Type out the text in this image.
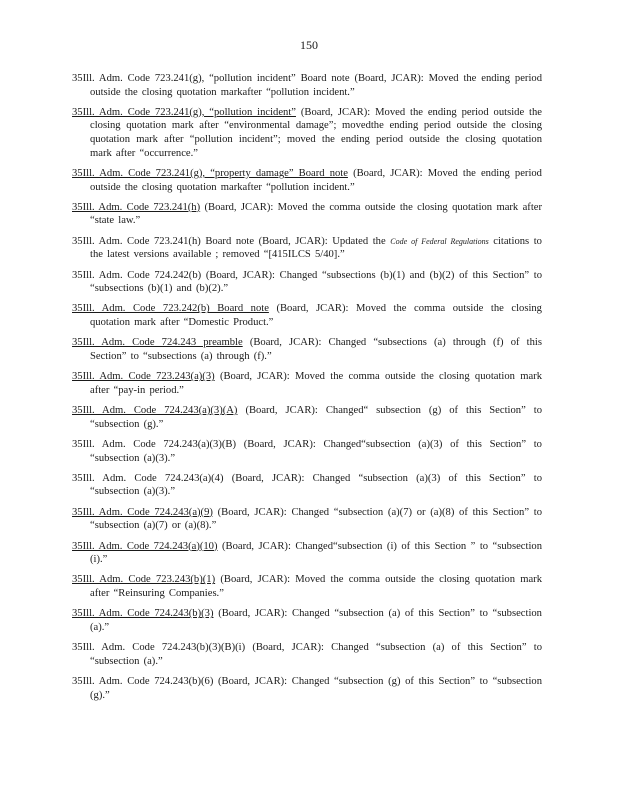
150

35Ill. Adm. Code 723.241(g), “pollution incident” Board note (Board, JCAR): Moved the ending period outside the closing quotation markafter “pollution incident.”

35Ill. Adm. Code 723.241(g), “pollution incident” (Board, JCAR): Moved the ending period outside the closing quotation mark after “environmental damage”; movedthe ending period outside the closing quotation mark after “pollution incident”; moved the ending period outside the closing quotation mark after “occurrence.”

35Ill. Adm. Code 723.241(g), “property damage” Board note (Board, JCAR): Moved the ending period outside the closing quotation markafter “pollution incident.”

35Ill. Adm. Code 723.241(h) (Board, JCAR): Moved the comma outside the closing quotation mark after “state law.”

35Ill. Adm. Code 723.241(h) Board note (Board, JCAR): Updated the Code of Federal Regulations citations to the latest versions available ; removed “[415ILCS 5/40].”

35Ill. Adm. Code 724.242(b) (Board, JCAR): Changed “subsections (b)(1) and (b)(2) of this Section” to “subsections (b)(1) and (b)(2).”

35Ill. Adm. Code 723.242(b) Board note (Board, JCAR): Moved the comma outside the closing quotation mark after “Domestic Product.”

35Ill. Adm. Code 724.243 preamble (Board, JCAR): Changed “subsections (a) through (f) of this Section” to “subsections (a) through (f).”

35Ill. Adm. Code 723.243(a)(3) (Board, JCAR): Moved the comma outside the closing quotation mark after “pay-in period.”

35Ill. Adm. Code 724.243(a)(3)(A) (Board, JCAR): Changed“ subsection (g) of this Section” to “subsection (g).”

35Ill. Adm. Code 724.243(a)(3)(B) (Board, JCAR): Changed“subsection (a)(3) of this Section” to “subsection (a)(3).”

35Ill. Adm. Code 724.243(a)(4) (Board, JCAR): Changed “subsection (a)(3) of this Section” to “subsection (a)(3).”

35Ill. Adm. Code 724.243(a)(9) (Board, JCAR): Changed “subsection (a)(7) or (a)(8) of this Section” to “subsection (a)(7) or (a)(8).”

35Ill. Adm. Code 724.243(a)(10) (Board, JCAR): Changed“subsection (i) of this Section ” to “subsection (i).”

35Ill. Adm. Code 723.243(b)(1) (Board, JCAR): Moved the comma outside the closing quotation mark after “Reinsuring Companies.”

35Ill. Adm. Code 724.243(b)(3) (Board, JCAR): Changed “subsection (a) of this Section” to “subsection (a).”

35Ill. Adm. Code 724.243(b)(3)(B)(i) (Board, JCAR): Changed “subsection (a) of this Section” to “subsection (a).”

35Ill. Adm. Code 724.243(b)(6) (Board, JCAR): Changed “subsection (g) of this Section” to “subsection (g).”
